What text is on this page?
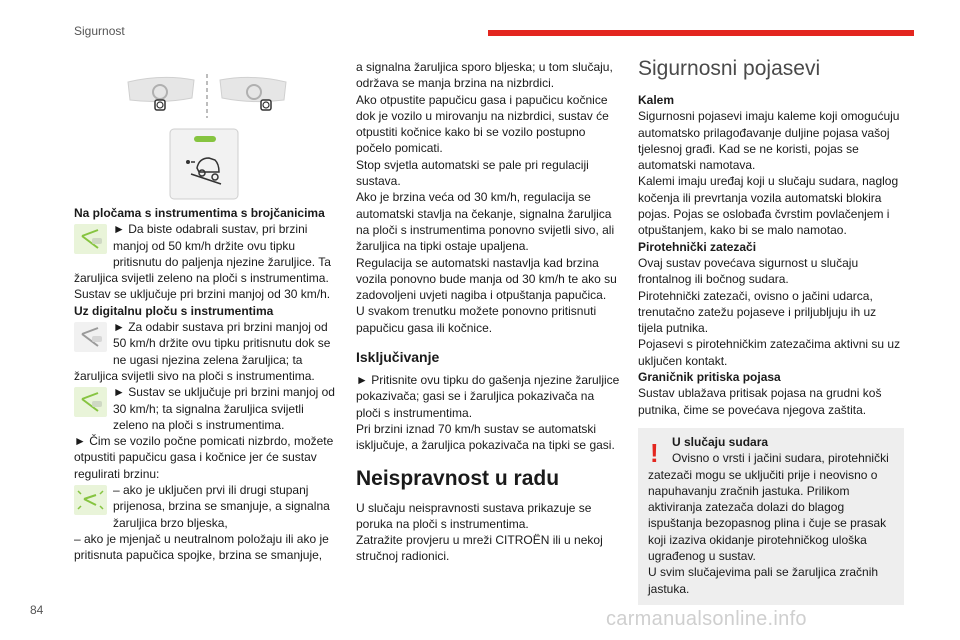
Sigurnost
84	carmanualsonline.info

Na pločama s instrumentima s brojčanicima

► Da biste odabrali sustav, pri brzini manjoj od 50 km/h držite ovu tipku pritisnutu do paljenja njezine žaruljice. Ta žaruljica svijetli zeleno na ploči s instrumentima.

Sustav se uključuje pri brzini manjoj od 30 km/h.

Uz digitalnu ploču s instrumentima

► Za odabir sustava pri brzini manjoj od 50 km/h držite ovu tipku pritisnutu dok se ne ugasi njezina zelena žaruljica; ta žaruljica svijetli sivo na ploči s instrumentima.

► Sustav se uključuje pri brzini manjoj od 30 km/h; ta signalna žaruljica svijetli zeleno na ploči s instrumentima.

► Čim se vozilo počne pomicati nizbrdo, možete otpustiti papučicu gasa i kočnice jer će sustav regulirati brzinu:

– ako je uključen prvi ili drugi stupanj prijenosa, brzina se smanjuje, a signalna žaruljica brzo bljeska,

– ako je mjenjač u neutralnom položaju ili ako je pritisnuta papučica spojke, brzina se smanjuje,

a signalna žaruljica sporo bljeska; u tom slučaju, održava se manja brzina na nizbrdici.

Ako otpustite papučicu gasa i papučicu kočnice dok je vozilo u mirovanju na nizbrdici, sustav će otpustiti kočnice kako bi se vozilo postupno počelo pomicati.

Stop svjetla automatski se pale pri regulaciji sustava.

Ako je brzina veća od 30 km/h, regulacija se automatski stavlja na čekanje, signalna žaruljica na ploči s instrumentima ponovno svijetli sivo, ali žaruljica na tipki ostaje upaljena.

Regulacija se automatski nastavlja kad brzina vozila ponovno bude manja od 30 km/h te ako su zadovoljeni uvjeti nagiba i otpuštanja papučica.

U svakom trenutku možete ponovno pritisnuti papučicu gasa ili kočnice.

Isključivanje

► Pritisnite ovu tipku do gašenja njezine žaruljice pokazivača; gasi se i žaruljica pokazivača na ploči s instrumentima.

Pri brzini iznad 70 km/h sustav se automatski isključuje, a žaruljica pokazivača na tipki se gasi.

Neispravnost u radu

U slučaju neispravnosti sustava prikazuje se poruka na ploči s instrumentima.

Zatražite provjeru u mreži CITROËN ili u nekoj stručnoj radionici.

Sigurnosni pojasevi

Kalem

Sigurnosni pojasevi imaju kaleme koji omogućuju automatsko prilagođavanje duljine pojasa vašoj tjelesnoj građi. Kad se ne koristi, pojas se automatski namotava.

Kalemi imaju uređaj koji u slučaju sudara, naglog kočenja ili prevrtanja vozila automatski blokira pojas. Pojas se oslobađa čvrstim povlačenjem i otpuštanjem, kako bi se malo namotao.

Pirotehnički zatezači

Ovaj sustav povećava sigurnost u slučaju frontalnog ili bočnog sudara.

Pirotehnički zatezači, ovisno o jačini udarca, trenutačno zatežu pojaseve i priljubljuju ih uz tijela putnika.

Pojasevi s pirotehničkim zatezačima aktivni su uz uključen kontakt.

Graničnik pritiska pojasa

Sustav ublažava pritisak pojasa na grudni koš putnika, čime se povećava njegova zaštita.

!	U slučaju sudara

Ovisno o vrsti i jačini sudara, pirotehnički zatezači mogu se uključiti prije i neovisno o napuhavanju zračnih jastuka. Prilikom aktiviranja zatezača dolazi do blagog ispuštanja bezopasnog plina i čuje se prasak koji izaziva okidanje pirotehničkog uloška ugrađenog u sustav.

U svim slučajevima pali se žaruljica zračnih jastuka.
